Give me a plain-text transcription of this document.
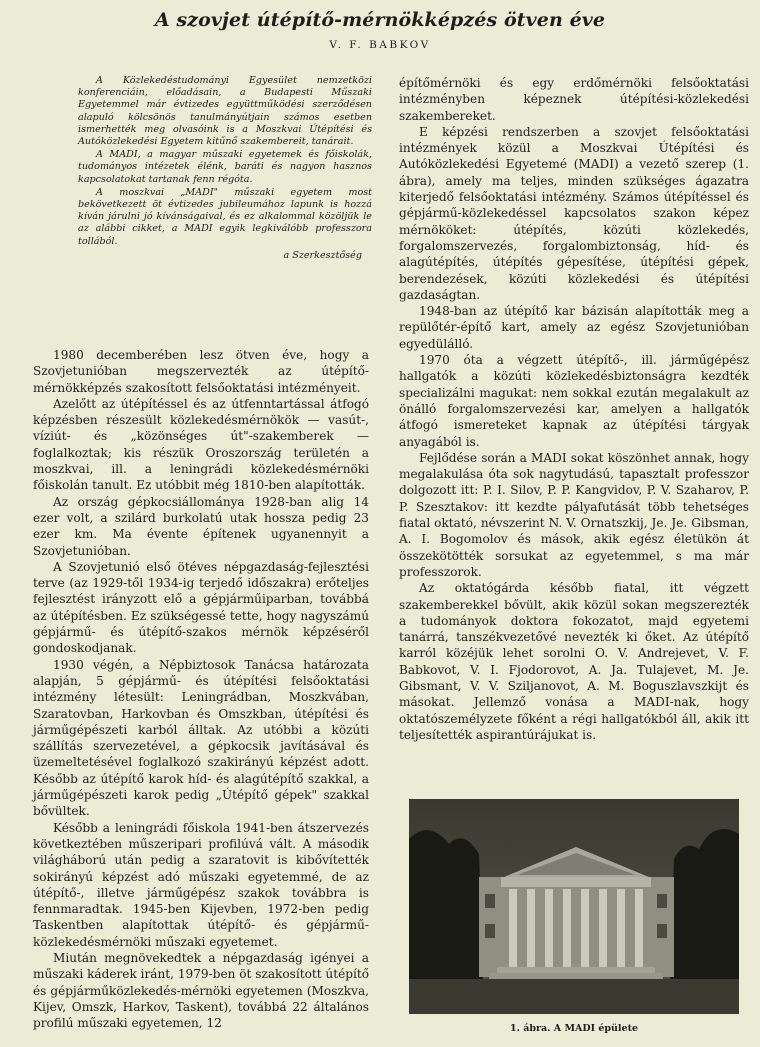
A szovjet útépítő-mérnökképzés ötven éve
V. F. BABKOV

A Közlekedéstudományi Egyesület nemzetközi konferenciáin, előadásain, a Budapesti Műszaki Egyetemmel már évtizedes együttműködési szerződésen alapuló kölcsönös tanulmányútjain számos esetben ismerhették meg olvasóink is a Moszkvai Útépítési és Autóközlekedési Egyetem kitűnő szakembereit, tanárait.

A MADI, a magyar műszaki egyetemek és főiskolák, tudományos intézetek élénk, baráti és nagyon hasznos kapcsolatokat tartanak fenn régóta.

A moszkvai „MADI" műszaki egyetem most bekövetkezett öt évtizedes jubileumához lapunk is hozzá kíván járulni jó kívánságaival, és ez alkalommal közöljük le az alábbi cikket, a MADI egyik legkiválóbb professzora tollából.

a Szerkesztőség

1980 decemberében lesz ötven éve, hogy a Szovjetunióban megszervezték az útépítő-mérnökképzés szakosított felsőoktatási intézményeit.

Azelőtt az útépítéssel és az útfenntartással átfogó képzésben részesült közlekedésmérnökök — vasút-, víziút- és „közönséges út"-szakemberek — foglalkoztak; kis részük Oroszország területén a moszkvai, ill. a leningrádi közlekedésmérnöki főiskolán tanult. Ez utóbbit még 1810-ben alapították.

Az ország gépkocsiállománya 1928-ban alig 14 ezer volt, a szilárd burkolatú utak hossza pedig 23 ezer km. Ma évente építenek ugyanennyit a Szovjetunióban.

A Szovjetunió első ötéves népgazdaság-fejlesztési terve (az 1929-től 1934-ig terjedő időszakra) erőteljes fejlesztést irányzott elő a gépjárműiparban, továbbá az útépítésben. Ez szükségessé tette, hogy nagyszámú gépjármű- és útépítő-szakos mérnök képzéséről gondoskodjanak.

1930 végén, a Népbiztosok Tanácsa határozata alapján, 5 gépjármű- és útépítési felsőoktatási intézmény létesült: Leningrádban, Moszkvában, Szaratovban, Harkovban és Omszkban, útépítési és járműgépészeti karból álltak. Az utóbbi a közúti szállítás szervezetével, a gépkocsik javításával és üzemeltetésével foglalkozó szakirányú képzést adott. Később az útépítő karok híd- és alagútépítő szakkal, a járműgépészeti karok pedig „Útépítő gépek" szakkal bővültek.

Később a leningrádi főiskola 1941-ben átszervezés következtében műszeripari profilúvá vált. A második világháború után pedig a szaratovit is kibővítették sokirányú képzést adó műszaki egyetemmé, de az útépítő-, illetve járműgépész szakok továbbra is fennmaradtak. 1945-ben Kijevben, 1972-ben pedig Taskentben alapítottak útépítő- és gépjármű-közlekedésmérnöki műszaki egyetemet.

Miután megnövekedtek a népgazdaság igényei a műszaki káderek iránt, 1979-ben öt szakosított útépítő és gépjárműközlekedés-mérnöki egyetemen (Moszkva, Kijev, Omszk, Harkov, Taskent), továbbá 22 általános profilú műszaki egyetemen, 12

építőmérnöki és egy erdőmérnöki felsőoktatási intézményben képeznek útépítési-közlekedési szakembereket.

E képzési rendszerben a szovjet felsőoktatási intézmények közül a Moszkvai Útépítési és Autóközlekedési Egyetemé (MADI) a vezető szerep (1. ábra), amely ma teljes, minden szükséges ágazatra kiterjedő felsőoktatási intézmény. Számos útépítéssel és gépjármű-közlekedéssel kapcsolatos szakon képez mérnököket: útépítés, közúti közlekedés, forgalomszervezés, forgalombiztonság, híd- és alagútépítés, útépítés gépesítése, útépítési gépek, berendezések, közúti közlekedési és útépítési gazdaságtan.

1948-ban az útépítő kar bázisán alapították meg a repülőtér-építő kart, amely az egész Szovjetunióban egyedülálló.

1970 óta a végzett útépítő-, ill. járműgépész hallgatók a közúti közlekedésbiztonságra kezdték specializálni magukat: nem sokkal ezután megalakult az önálló forgalomszervezési kar, amelyen a hallgatók átfogó ismereteket kapnak az útépítési tárgyak anyagából is.

Fejlődése során a MADI sokat köszönhet annak, hogy megalakulása óta sok nagytudású, tapasztalt professzor dolgozott itt: P. I. Silov, P. P. Kangvidov, P. V. Szaharov, P. P. Szesztakov: itt kezdte pályafutását több tehetséges fiatal oktató, névszerint N. V. Ornatszkij, Je. Je. Gibsman, A. I. Bogomolov és mások, akik egész életükön át összekötötték sorsukat az egyetemmel, s ma már professzorok.

Az oktatógárda később fiatal, itt végzett szakemberekkel bővült, akik közül sokan megszerezték a tudományok doktora fokozatot, majd egyetemi tanárrá, tanszékvezetővé nevezték ki őket. Az útépítő karról közéjük lehet sorolni O. V. Andrejevet, V. F. Babkovot, V. I. Fjodorovot, A. Ja. Tulajevet, M. Je. Gibsmant, V. V. Sziljanovot, A. M. Boguszlavszkijt és másokat. Jellemző vonása a MADI-nak, hogy oktatószemélyzete főként a régi hallgatókból áll, akik itt teljesítették aspirantúrájukat is.

1. ábra. A MADI épülete
